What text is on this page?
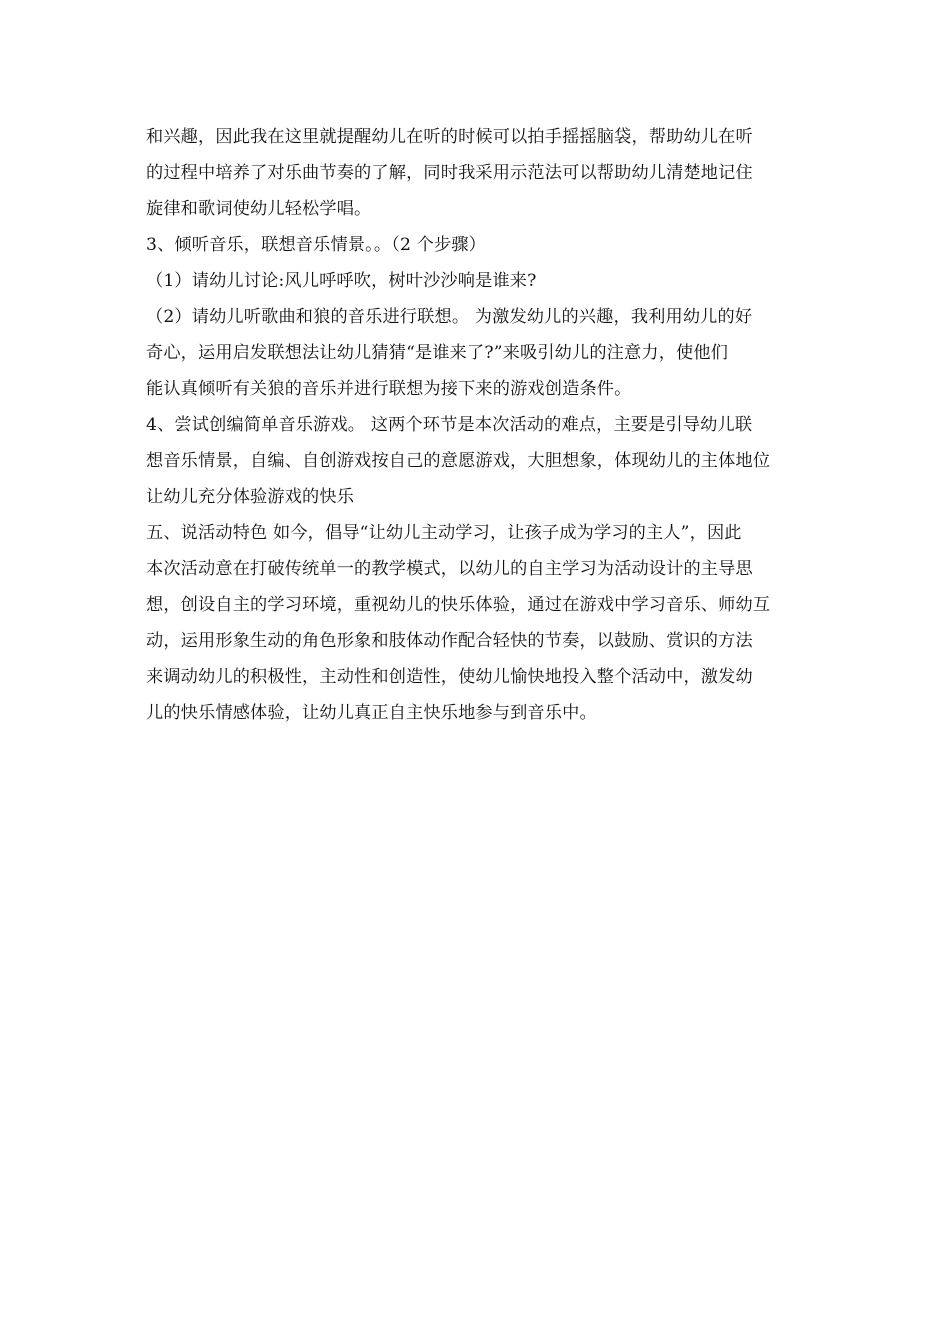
和兴趣，因此我在这里就提醒幼儿在听的时候可以拍手摇摇脑袋，帮助幼儿在听
的过程中培养了对乐曲节奏的了解，同时我采用示范法可以帮助幼儿清楚地记住
旋律和歌词使幼儿轻松学唱。
3、倾听音乐，联想音乐情景。。（2 个步骤）
（1）请幼儿讨论:风儿呼呼吹，树叶沙沙响是谁来?
（2）请幼儿听歌曲和狼的音乐进行联想。 为激发幼儿的兴趣，我利用幼儿的好
奇心，运用启发联想法让幼儿猜猜“是谁来了?”来吸引幼儿的注意力，使他们
能认真倾听有关狼的音乐并进行联想为接下来的游戏创造条件。
4、尝试创编简单音乐游戏。 这两个环节是本次活动的难点，主要是引导幼儿联
想音乐情景，自编、自创游戏按自己的意愿游戏，大胆想象，体现幼儿的主体地位
让幼儿充分体验游戏的快乐
五、说活动特色 如今，倡导“让幼儿主动学习，让孩子成为学习的主人”，因此
本次活动意在打破传统单一的教学模式，以幼儿的自主学习为活动设计的主导思
想，创设自主的学习环境，重视幼儿的快乐体验，通过在游戏中学习音乐、师幼互
动，运用形象生动的角色形象和肢体动作配合轻快的节奏，以鼓励、赏识的方法
来调动幼儿的积极性，主动性和创造性，使幼儿愉快地投入整个活动中，激发幼
儿的快乐情感体验，让幼儿真正自主快乐地参与到音乐中。
